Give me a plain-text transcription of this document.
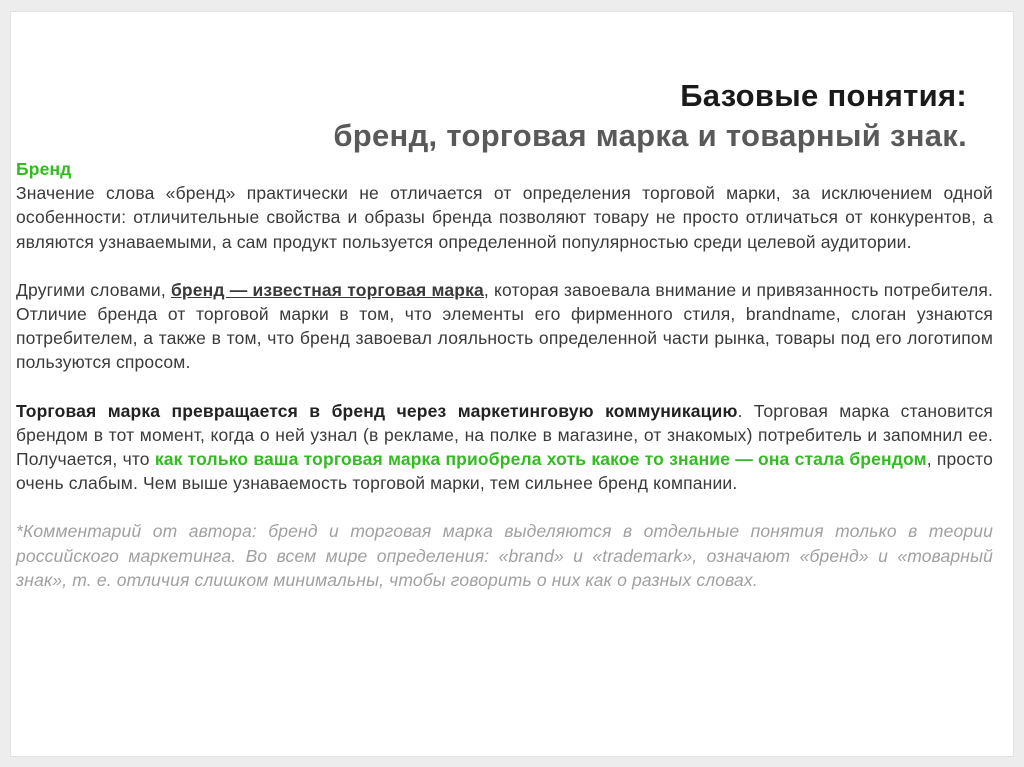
Базовые понятия:
бренд, торговая марка и товарный знак.

Бренд
Значение слова «бренд» практически не отличается от определения торговой марки, за исключением одной особенности: отличительные свойства и образы бренда позволяют товару не просто отличаться от конкурентов, а являются узнаваемыми, а сам продукт пользуется определенной популярностью среди целевой аудитории.

Другими словами, бренд — известная торговая марка, которая завоевала внимание и привязанность потребителя. Отличие бренда от торговой марки в том, что элементы его фирменного стиля, brandname, слоган узнаются потребителем, а также в том, что бренд завоевал лояльность определенной части рынка, товары под его логотипом пользуются спросом.

Торговая марка превращается в бренд через маркетинговую коммуникацию. Торговая марка становится брендом в тот момент, когда о ней узнал (в рекламе, на полке в магазине, от знакомых) потребитель и запомнил ее. Получается, что как только ваша торговая марка приобрела хоть какое то знание — она стала брендом, просто очень слабым. Чем выше узнаваемость торговой марки, тем сильнее бренд компании.

*Комментарий от автора: бренд и торговая марка выделяются в отдельные понятия только в теории российского маркетинга. Во всем мире определения: «brand» и «trademark», означают «бренд» и «товарный знак», т. е. отличия слишком минимальны, чтобы говорить о них как о разных словах.
